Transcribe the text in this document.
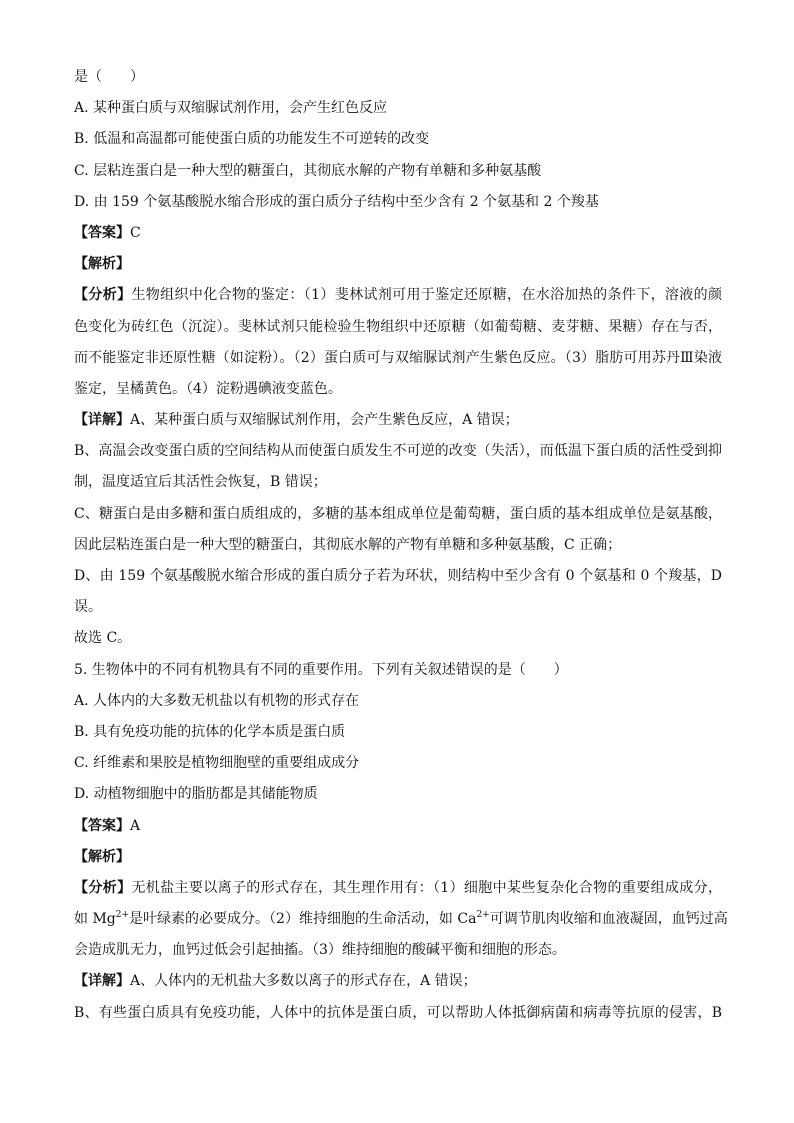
是（　　）
A. 某种蛋白质与双缩脲试剂作用，会产生红色反应
B. 低温和高温都可能使蛋白质的功能发生不可逆转的改变
C. 层粘连蛋白是一种大型的糖蛋白，其彻底水解的产物有单糖和多种氨基酸
D. 由 159 个氨基酸脱水缩合形成的蛋白质分子结构中至少含有 2 个氨基和 2 个羧基
【答案】C
【解析】
【分析】生物组织中化合物的鉴定：（1）斐林试剂可用于鉴定还原糖，在水浴加热的条件下，溶液的颜
色变化为砖红色（沉淀）。斐林试剂只能检验生物组织中还原糖（如葡萄糖、麦芽糖、果糖）存在与否，
而不能鉴定非还原性糖（如淀粉）。（2）蛋白质可与双缩脲试剂产生紫色反应。（3）脂肪可用苏丹Ⅲ染液
鉴定，呈橘黄色。（4）淀粉遇碘液变蓝色。
【详解】A、某种蛋白质与双缩脲试剂作用，会产生紫色反应，A 错误；
B、高温会改变蛋白质的空间结构从而使蛋白质发生不可逆的改变（失活），而低温下蛋白质的活性受到抑
制，温度适宜后其活性会恢复，B 错误；
C、糖蛋白是由多糖和蛋白质组成的，多糖的基本组成单位是葡萄糖，蛋白质的基本组成单位是氨基酸，
因此层粘连蛋白是一种大型的糖蛋白，其彻底水解的产物有单糖和多种氨基酸，C 正确；
D、由 159 个氨基酸脱水缩合形成的蛋白质分子若为环状，则结构中至少含有 0 个氨基和 0 个羧基，D
误。
故选 C。
5. 生物体中的不同有机物具有不同的重要作用。下列有关叙述错误的是（　　）
A. 人体内的大多数无机盐以有机物的形式存在
B. 具有免疫功能的抗体的化学本质是蛋白质
C. 纤维素和果胶是植物细胞壁的重要组成成分
D. 动植物细胞中的脂肪都是其储能物质
【答案】A
【解析】
【分析】无机盐主要以离子的形式存在，其生理作用有：（1）细胞中某些复杂化合物的重要组成成分，
如 $Mg^{2+}$是叶绿素的必要成分。（2）维持细胞的生命活动，如 $Ca^{2+}$可调节肌肉收缩和血液凝固，血钙过高
会造成肌无力，血钙过低会引起抽搐。（3）维持细胞的酸碱平衡和细胞的形态。
【详解】A、人体内的无机盐大多数以离子的形式存在，A 错误；
B、有些蛋白质具有免疫功能，人体中的抗体是蛋白质，可以帮助人体抵御病菌和病毒等抗原的侵害，B
